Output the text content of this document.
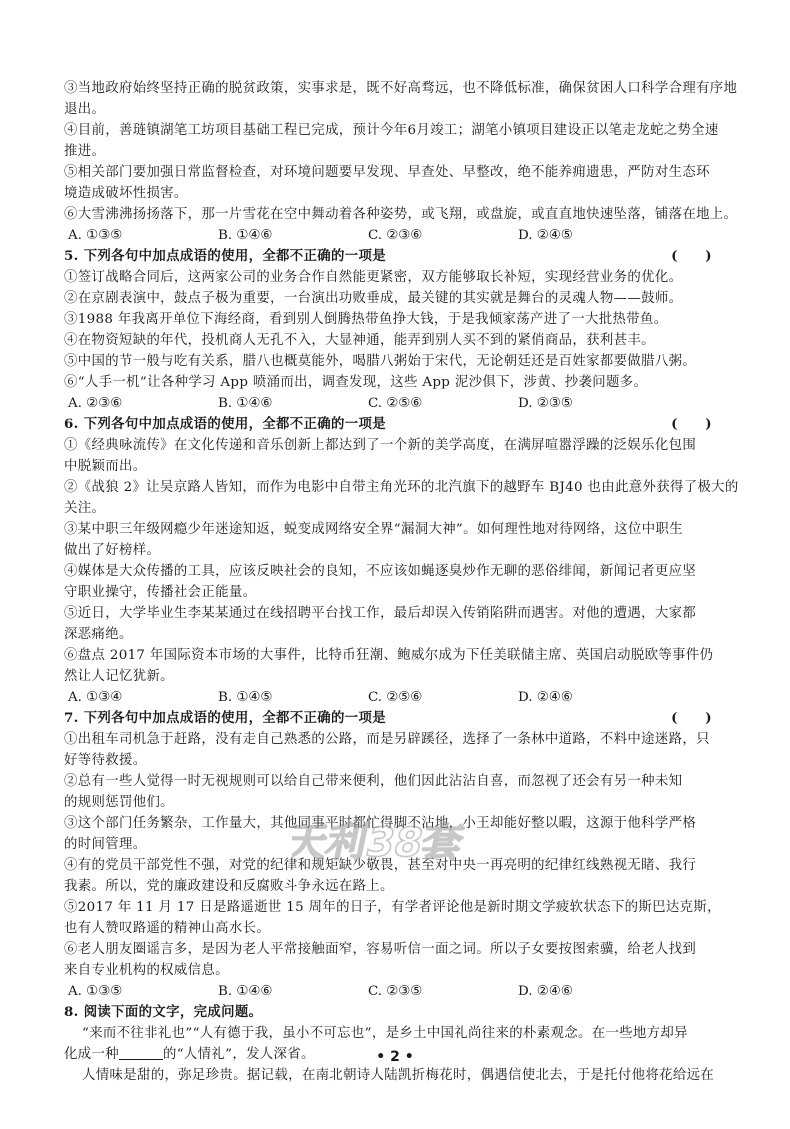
③当地政府始终坚持正确的脱贫政策，实事求是，既不好高骛远，也不降低标准，确保贫困人口科学合理有序地
退出。
④目前，善琏镇湖笔工坊项目基础工程已完成，预计今年6月竣工；湖笔小镇项目建设正以笔走龙蛇之势全速
推进。
⑤相关部门要加强日常监督检查，对环境问题要早发现、早查处、早整改，绝不能养痈遗患，严防对生态环
境造成破坏性损害。
⑥大雪沸沸扬扬落下，那一片雪花在空中舞动着各种姿势，或飞翔，或盘旋，或直直地快速坠落，铺落在地上。
A. ①③⑤	B. ①④⑥	C. ②③⑥	D. ②④⑤
5. 下列各句中加点成语的使用，全都不正确的一项是	(　　)
①签订战略合同后，这两家公司的业务合作自然能更紧密，双方能够取长补短，实现经营业务的优化。
②在京剧表演中，鼓点子极为重要，一台演出功败垂成，最关键的其实就是舞台的灵魂人物——鼓师。
③1988 年我离开单位下海经商，看到别人倒腾热带鱼挣大钱，于是我倾家荡产进了一大批热带鱼。
④在物资短缺的年代，投机商人无孔不入，大显神通，能弄到别人买不到的紧俏商品，获利甚丰。
⑤中国的节一般与吃有关系，腊八也概莫能外，喝腊八粥始于宋代，无论朝廷还是百姓家都要做腊八粥。
⑥“人手一机”让各种学习 App 喷涌而出，调查发现，这些 App 泥沙俱下，涉黄、抄袭问题多。
A. ②③⑥	B. ①④⑥	C. ②⑤⑥	D. ②③⑤
6. 下列各句中加点成语的使用，全都不正确的一项是	(　　)
①《经典咏流传》在文化传递和音乐创新上都达到了一个新的美学高度，在满屏喧嚣浮躁的泛娱乐化包围
中脱颖而出。
②《战狼 2》让吴京路人皆知，而作为电影中自带主角光环的北汽旗下的越野车 BJ40 也由此意外获得了极大的
关注。
③某中职三年级网瘾少年迷途知返，蜕变成网络安全界“漏洞大神”。如何理性地对待网络，这位中职生
做出了好榜样。
④媒体是大众传播的工具，应该反映社会的良知，不应该如蝇逐臭炒作无聊的恶俗绯闻，新闻记者更应坚
守职业操守，传播社会正能量。
⑤近日，大学毕业生李某某通过在线招聘平台找工作，最后却误入传销陷阱而遇害。对他的遭遇，大家都
深恶痛绝。
⑥盘点 2017 年国际资本市场的大事件，比特币狂潮、鲍威尔成为下任美联储主席、英国启动脱欧等事件仍
然让人记忆犹新。
A. ①③④	B. ①④⑤	C. ②⑤⑥	D. ②④⑥
7. 下列各句中加点成语的使用，全都不正确的一项是	(　　)
①出租车司机急于赶路，没有走自己熟悉的公路，而是另辟蹊径，选择了一条林中道路，不料中途迷路，只
好等待救援。
②总有一些人觉得一时无视规则可以给自己带来便利，他们因此沾沾自喜，而忽视了还会有另一种未知
的规则惩罚他们。
③这个部门任务繁杂，工作量大，其他同事平时都忙得脚不沾地，小王却能好整以暇，这源于他科学严格
的时间管理。
④有的党员干部党性不强，对党的纪律和规矩缺少敬畏，甚至对中央一再亮明的纪律红线熟视无睹、我行
我素。所以，党的廉政建设和反腐败斗争永远在路上。
⑤2017 年 11 月 17 日是路遥逝世 15 周年的日子，有学者评论他是新时期文学疲软状态下的斯巴达克斯，
也有人赞叹路遥的精神山高水长。
⑥老人朋友圈谣言多，是因为老人平常接触面窄，容易听信一面之词。所以子女要按图索骥，给老人找到
来自专业机构的权威信息。
A. ①③⑤	B. ①④⑥	C. ②③⑤	D. ②④⑥
8. 阅读下面的文字，完成问题。
“来而不往非礼也”“人有德于我，虽小不可忘也”，是乡土中国礼尚往来的朴素观念。在一些地方却异
化成一种	的“人情礼”，发人深省。
人情味是甜的，弥足珍贵。据记载，在南北朝诗人陆凯折梅花时，偶遇信使北去，于是托付他将花给远在
天利38套
• 2 •
